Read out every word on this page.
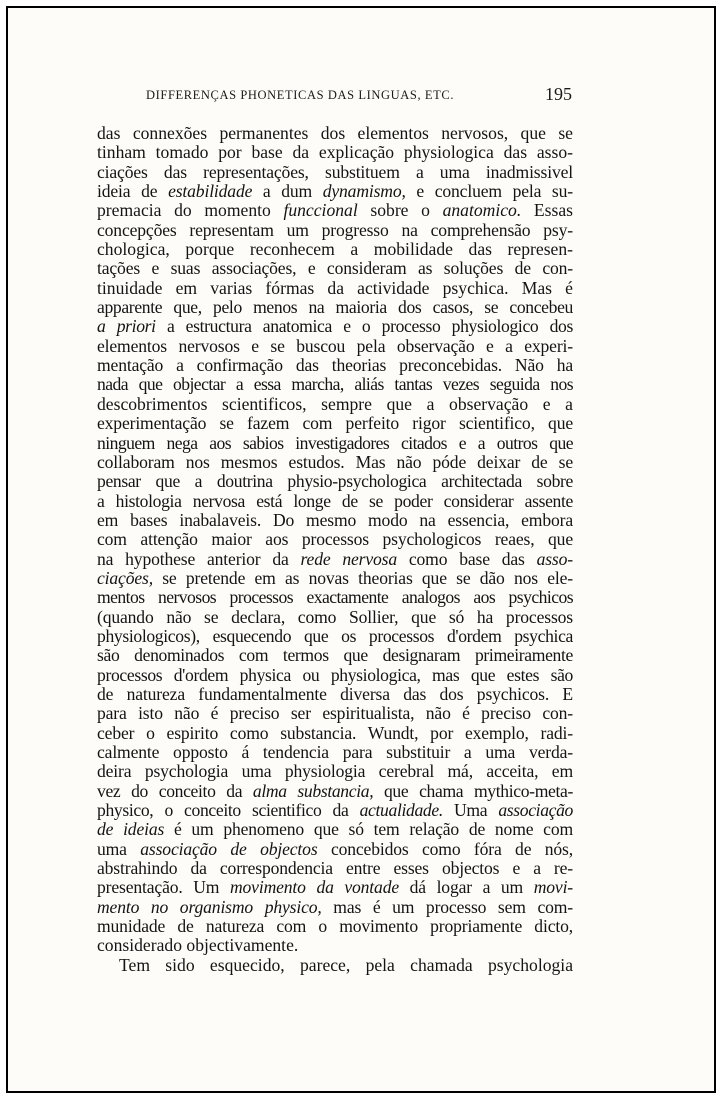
DIFFERENÇAS PHONETICAS DAS LINGUAS, ETC.	195
das connexões permanentes dos elementos nervosos, que se
tinham tomado por base da explicação physiologica das asso-
ciações das representações, substituem a uma inadmissivel
ideia de estabilidade a dum dynamismo, e concluem pela su-
premacia do momento funccional sobre o anatomico. Essas
concepções representam um progresso na comprehensão psy-
chologica, porque reconhecem a mobilidade das represen-
tações e suas associações, e consideram as soluções de con-
tinuidade em varias fórmas da actividade psychica. Mas é
apparente que, pelo menos na maioria dos casos, se concebeu
a priori a estructura anatomica e o processo physiologico dos
elementos nervosos e se buscou pela observação e a experi-
mentação a confirmação das theorias preconcebidas. Não ha
nada que objectar a essa marcha, aliás tantas vezes seguida nos
descobrimentos scientificos, sempre que a observação e a
experimentação se fazem com perfeito rigor scientifico, que
ninguem nega aos sabios investigadores citados e a outros que
collaboram nos mesmos estudos. Mas não póde deixar de se
pensar que a doutrina physio-psychologica architectada sobre
a histologia nervosa está longe de se poder considerar assente
em bases inabalaveis. Do mesmo modo na essencia, embora
com attenção maior aos processos psychologicos reaes, que
na hypothese anterior da rede nervosa como base das asso-
ciações, se pretende em as novas theorias que se dão nos ele-
mentos nervosos processos exactamente analogos aos psychicos
(quando não se declara, como Sollier, que só ha processos
physiologicos), esquecendo que os processos d'ordem psychica
são denominados com termos que designaram primeiramente
processos d'ordem physica ou physiologica, mas que estes são
de natureza fundamentalmente diversa das dos psychicos. E
para isto não é preciso ser espiritualista, não é preciso con-
ceber o espirito como substancia. Wundt, por exemplo, radi-
calmente opposto á tendencia para substituir a uma verda-
deira psychologia uma physiologia cerebral má, acceita, em
vez do conceito da alma substancia, que chama mythico-meta-
physico, o conceito scientifico da actualidade. Uma associação
de ideias é um phenomeno que só tem relação de nome com
uma associação de objectos concebidos como fóra de nós,
abstrahindo da correspondencia entre esses objectos e a re-
presentação. Um movimento da vontade dá logar a um movi-
mento no organismo physico, mas é um processo sem com-
munidade de natureza com o movimento propriamente dicto,
considerado objectivamente.
Tem sido esquecido, parece, pela chamada psychologia
